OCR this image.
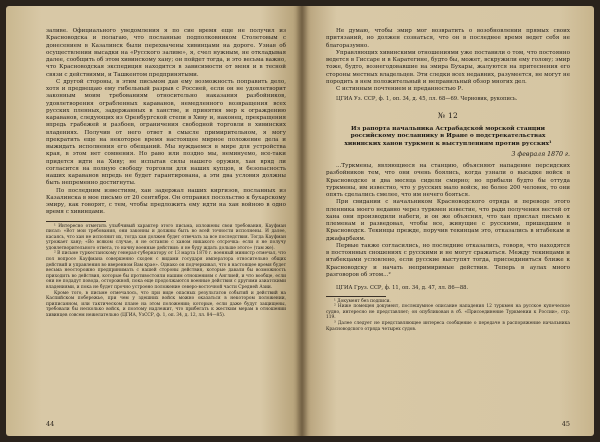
заливе. Официального уведомления я по сие время еще не получил из Красноводска и полагаю, что посланные подполковником Столетовым с донесением в Казалинск были перехвачены хивинцами на дороге. Узнав об осуществлении высадки на «Русского заливе», я, счел нужным, не откладывая далее, сообщить об этом хивинскому хану; он пойдет тогда, и это весьма важно, что Красноводская экспедиция находится в зависимости от меня и в тесной связи с действиями, и Ташкентом предпринятыми.

С другой стороны, в этим письмом дав ему возможность поправить дело, хотя и предвещаю ему гибельный разрыв с Россией, если он не удовлетворит законным моим требованиям относительно наказания разбойников, удовлетворения ограбленных караванов, немедленного возвращения всех русских пленных, задержанных в ханстве, и принятия мер к ограждению караванов, следующих из Оренбургской степи в Хиву и, наконец, прекращения впредь грабежей и разбоев, ограничения свободной торговли в хивинских владениях. Получив от него ответ в смысле примирительном, я могу прекратить еще на некоторое время настоящее мирное положение дела и выжидать исполнения его обещаний. Мы нуждаемся в мире для устройства края, в этом нет сомнения. Но раво или поздно мы, неминуемо, все-таки придется идти на Хиву; не испытав силы нашего оружия, хан вряд ли согласится на полную свободу торговли для наших купцов, и безопасность наших караванов впредь не будет гарантирована, а эти два условия должны быть непременно достигнуты.

По последним известиям, хан задержал наших киргизов, посланных из Казалинска в мое письмо от 20 сентября. Он отправил посольство к бухарскому эмиру, как говорят, с тем, чтобы предложить ему идти на хан войною в одно время с хивинцами.

¹ Интересно отметить улыбчивый характер этого письма, изложены свои требования, Кауфман писал: «Вот мои требования, они законны и должны быть во всей точности исполнены. И далее, касаясь, что хан не исполнит их, тогда хан должен будет отвечать за все последствия. Тогда Кауфман угрожает хану; «Во всяком случае, я не оставлю с ханом никакого отсрочка: если я не получу удовлетворительного ответа, то начну военные действия: я не буду ждать дольше этого» (там же).

² В письме туркестанскому генерал-губернатору от 13 марта 1870 г. военный министр отмечал, что пол вопросе Кауфмана совершенно сходен с видами государя императора относительно общих действий и управления во вверенном Вам крае». Однако он подчеркивал, что в настоящее время будет весьма неосторожно предпринимать с нашей стороны действия, которые давали бы возможность приходить во действия, которые бы противостояли нашим отношениям с Англией, и что вообще, если они не подадут повода, осторожной, пока еще продолжаются военные действия с другими азиатскими владениями, и пока не будет прочно устроено положение северо-восточной части Средней Азии.

Кроме того, в письме отмечалось, что при виде опасных результатов событий и действий на Каспийском побережье, при чем у здешних войск можно оказаться в некотором положении, приписанном, или тактическом плане на этом положении; которые, если даже будут защищены, требовали бы несколько войск, и поэтому надлежит, что прибегать к жестким мерам в отношении хивинцев совсем нежелательно (ЦГИА, УзССР, ф. 1, оп. 34, д. 12, лл. 84—85).

44

Не думаю, чтобы эмир мог возвратить о возобновлении прямых своих притязаний, но должен сознаться, что он в последнее время ведет себя не благоразумно.

Управляющих хивинскими отношениями уже поставили о том, что постоянно ведется в Гиссаре и в Каратегине, будто бы, может, вскружили ему голову; эмир тоже, будто, вознегодовавшие на эмира Бухары, жалуются на притеснения его стороны местных владельцев. Эти следки всех недавних, разумеется, не могут не породить в нем положительный и неправильный обзор многих дел.

С истинным почтением и преданностью Р.

ЦГИА Уз. ССР, ф. 1, оп. 34, д. 45, лл. 68—69. Черновик, рукопись.
№ 12
Из рапорта начальника Астрабадской морской станции российскому посланнику в Иране о подстрекательствах хивинских ханов туркмен к выступлениям против русских¹
3 февраля 1870 г.

...Туркмены, являющиеся на станцию, объясняют нападение персидских разбойников тем, что они очень боялись, когда узнали о высадке войск в Красноводске и два месяца сидели смирно; но прибыли будто бы оттуда туркмены, им известно, что у русских мало войск, не более 200 человек, то они опять сделались смелее, что им нечего бояться.

При свидании с начальником Красноводского отряда и переводе этого пленника моего недавно через туркмен известие, что ради получения вестей от хана они производили набеги, и он же объяснил, что хан прислал письмо к племенам и разведовал, чтобы все, живущие с русскими, пришедшим в Красноводск. Текинцы прежде, поручив текинцам это, отказались в итабекам и джафарбаям.

Первые также согласились, но последние отказались, говоря, что находятся в постоянных сношениях с русскими и не могут сражаться. Между текинцами и итабекцами условлено, если русские выступят тогда, присоединиться ближе к Красноводску и начать непримиримые действия. Теперь в аулах много разговоров об этом...²

ЦГИА Груз. ССР, ф. 11, оп. 34, д. 47, лл. 86—88.

¹ Документ без подписи.

² Ниже помещен документ, послешумное описание нападения 12 туркмен на русское купеческое судно, интересно не представляет; он опубликован в сб. «Присоединение Туркмении к России», стр. 119.

³ Далее следует не представляющее интереса сообщение о передаче в распоряжение начальника Красноводского отряда четырех судов.

45
